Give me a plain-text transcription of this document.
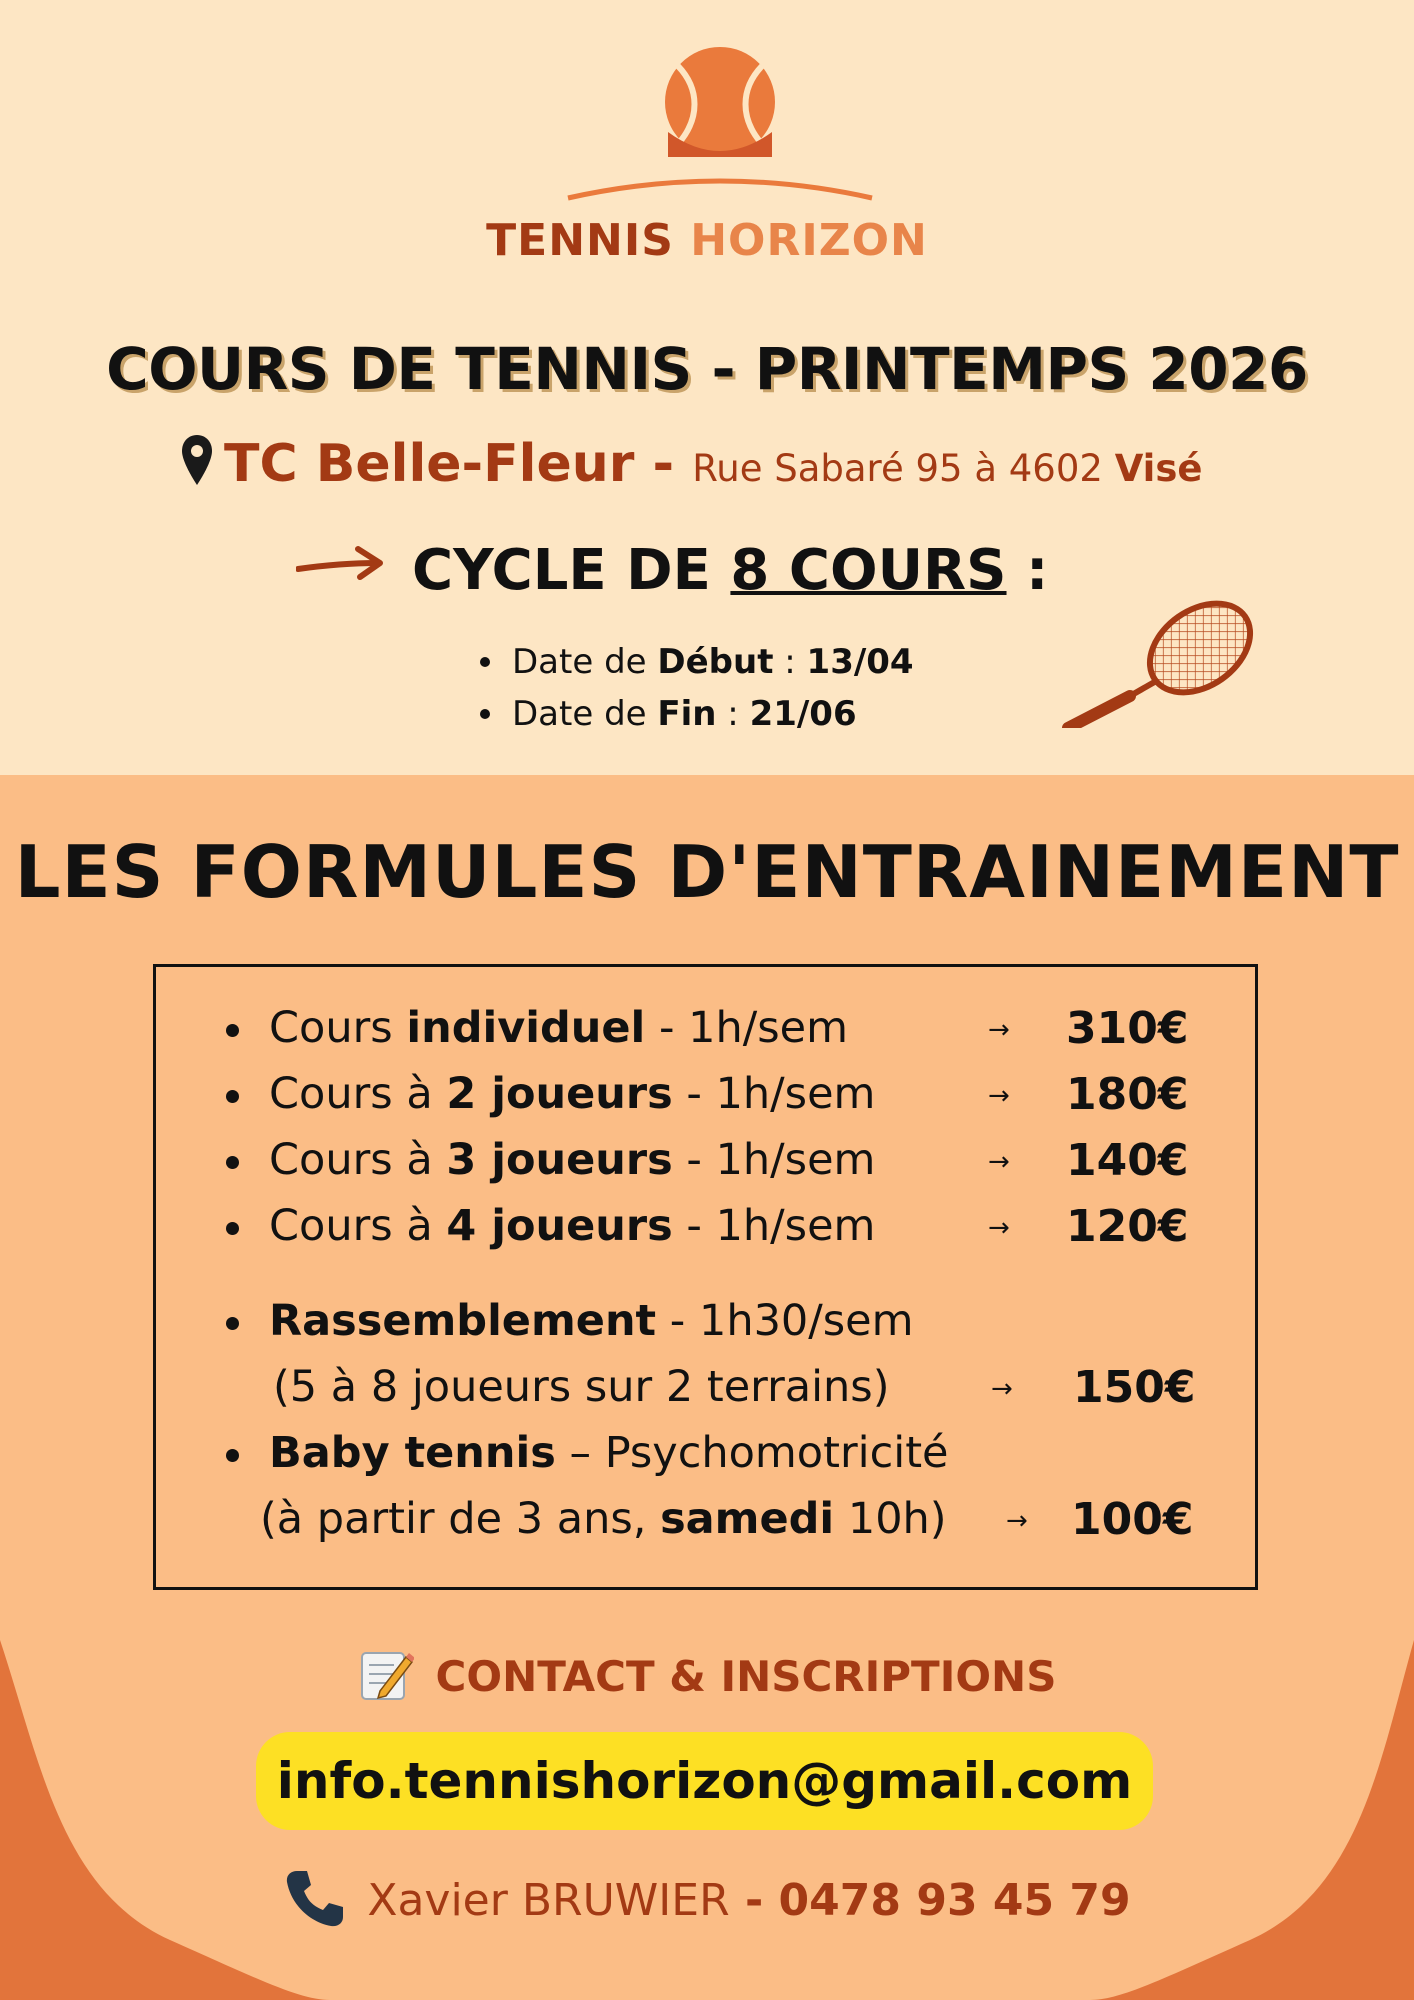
TENNIS HORIZON
COURS DE TENNIS - PRINTEMPS 2026
TC Belle-Fleur - Rue Sabaré 95 à 4602 Visé
CYCLE DE 8 COURS :
Date de Début : 13/04
Date de Fin : 21/06
LES FORMULES D'ENTRAINEMENT
Cours individuel - 1h/sem	→ 310€
Cours à 2 joueurs - 1h/sem	→ 180€
Cours à 3 joueurs - 1h/sem	→ 140€
Cours à 4 joueurs - 1h/sem	→ 120€
Rassemblement - 1h30/sem
(5 à 8 joueurs sur 2 terrains)	→ 150€
Baby tennis – Psychomotricité
(à partir de 3 ans, samedi 10h) → 100€
CONTACT & INSCRIPTIONS
info.tennishorizon@gmail.com
Xavier BRUWIER - 0478 93 45 79
